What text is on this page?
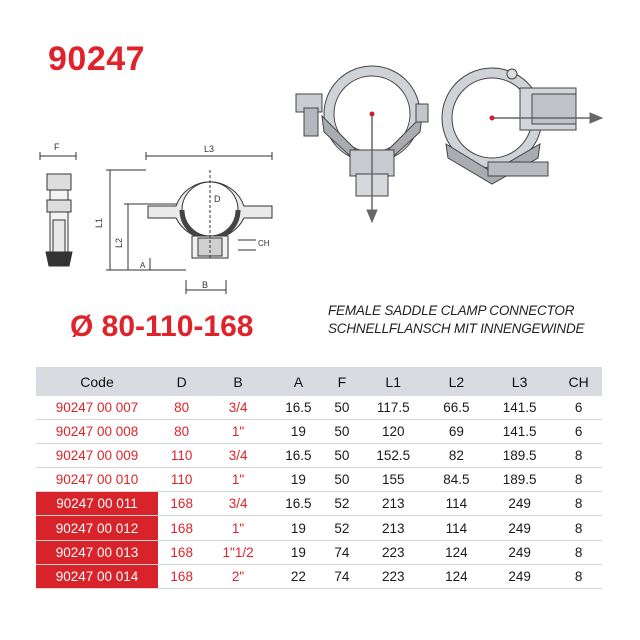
90247
F	L3
L1
L2
D
A
B
CH
Ø 80-110-168	FEMALE SADDLE CLAMP CONNECTOR
SCHNELLFLANSCH MIT INNENGEWINDE
Code	D	B	A	F	L1	L2	L3	CH
90247 00 007	80	3/4	16.5	50	117.5	66.5	141.5	6
90247 00 008	80	1"	19	50	120	69	141.5	6
90247 00 009	110	3/4	16.5	50	152.5	82	189.5	8
90247 00 010	110	1"	19	50	155	84.5	189.5	8
90247 00 011	168	3/4	16.5	52	213	114	249	8
90247 00 012	168	1"	19	52	213	114	249	8
90247 00 013	168	1"1/2	19	74	223	124	249	8
90247 00 014	168	2"	22	74	223	124	249	8
